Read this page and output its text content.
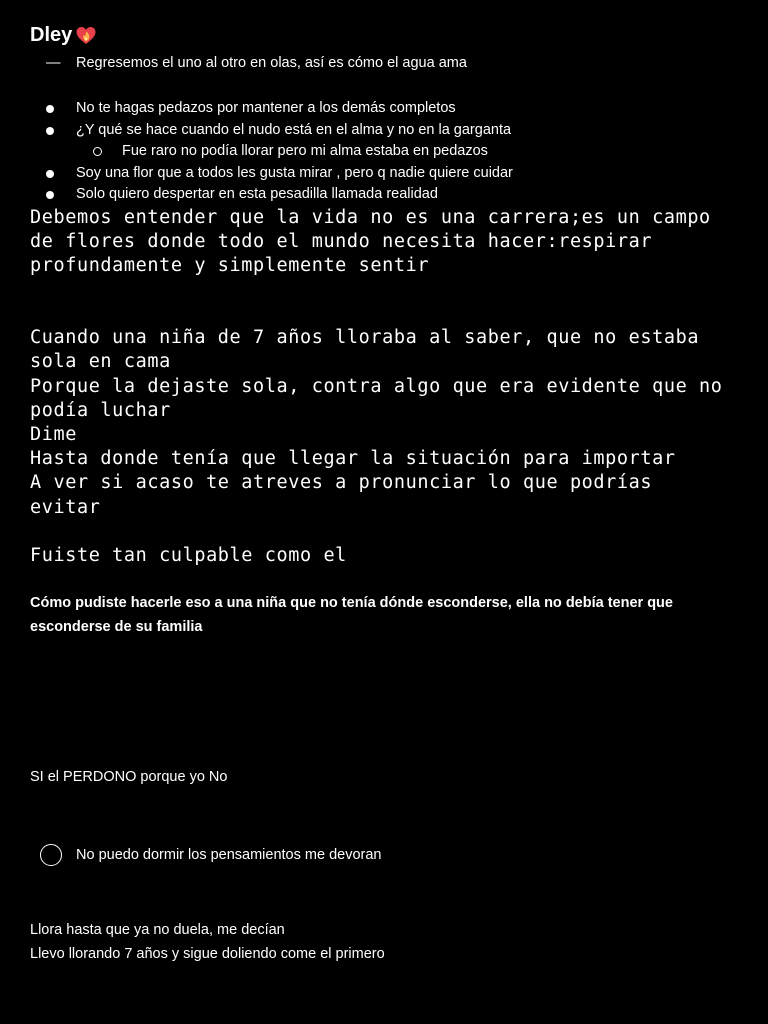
Dley
— Regresemos el uno al otro en olas, así es cómo el agua ama
No te hagas pedazos por mantener a los demás completos
¿Y qué se hace cuando el nudo está en el alma y no en la garganta
Fue raro no podía llorar pero mi alma estaba en pedazos
Soy una flor que a todos les gusta mirar , pero q nadie quiere cuidar
Solo quiero despertar en esta pesadilla llamada realidad
Debemos entender que la vida no es una carrera;es un campo
de flores donde todo el mundo necesita hacer:respirar
profundamente y simplemente sentir
Cuando una niña de 7 años lloraba al saber, que no estaba
sola en cama
Porque la dejaste sola, contra algo que era evidente que no
podía luchar
Dime
Hasta donde tenía que llegar la situación para importar
A ver si acaso te atreves a pronunciar lo que podrías
evitar
Fuiste tan culpable como el
Cómo pudiste hacerle eso a una niña que no tenía dónde esconderse, ella no debía tener que esconderse de su familia
SI el PERDONO porque yo No
No puedo dormir los pensamientos me devoran
Llora hasta que ya no duela, me decían
Llevo llorando 7 años y sigue doliendo come el primero
